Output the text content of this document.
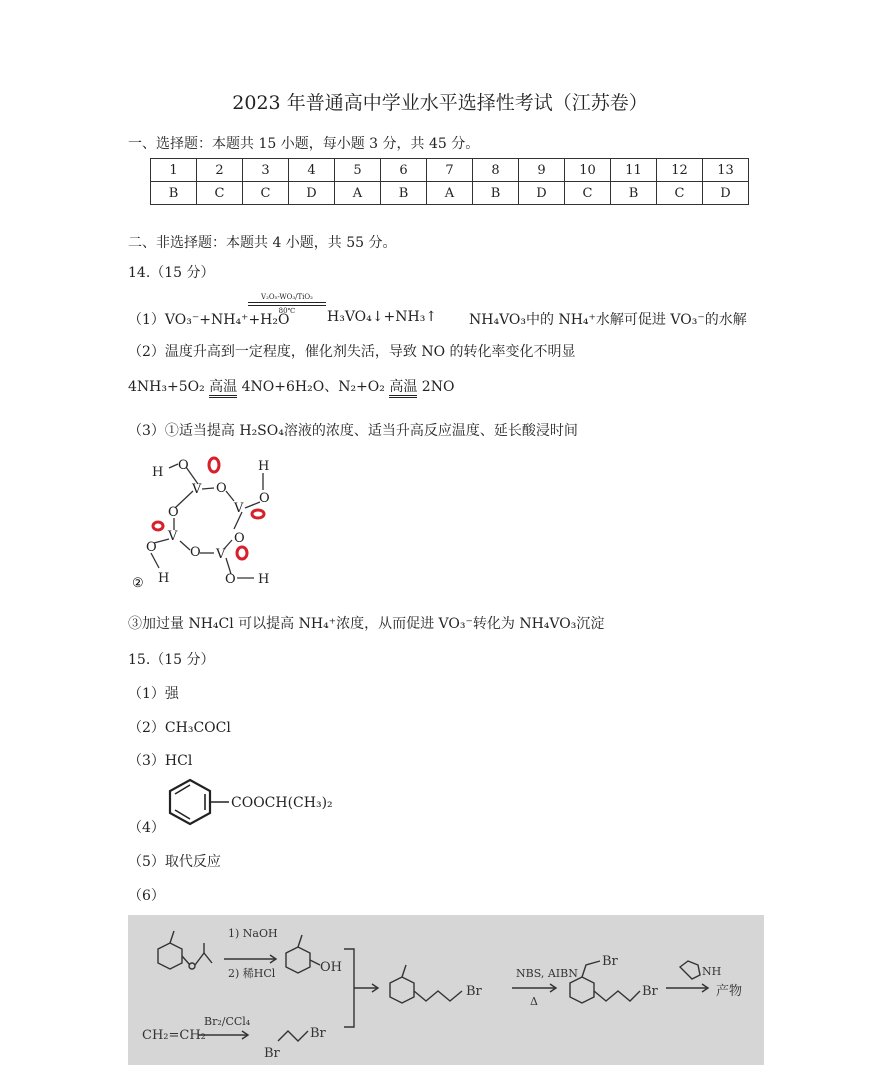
2023 年普通高中学业水平选择性考试（江苏卷）
一、选择题：本题共 15 小题，每小题 3 分，共 45 分。
1	2	3	4	5	6	7	8	9	10	11	12	13
B	C	C	D	A	B	A	B	D	C	B	C	D
二、非选择题：本题共 4 小题，共 55 分。
14.（15 分）
V₂O₅-WO₃/TiO₂
80℃
（1）VO₃⁻+NH₄⁺+H₂O	H₃VO₄↓+NH₃↑ NH₄VO₃中的 NH₄⁺水解可促进 VO₃⁻的水解
（2）温度升高到一定程度，催化剂失活，导致 NO 的转化率变化不明显
4NH₃+5O₂ 高温 4NO+6H₂O、N₂+O₂ 高温 2NO
（3）①适当提高 H₂SO₄溶液的浓度、适当升高反应温度、延长酸浸时间
H O
V O
V
O
V
O
V
O
H
O
O
H	O H
②
③加过量 NH₄Cl 可以提高 NH₄⁺浓度，从而促进 VO₃⁻转化为 NH₄VO₃沉淀
15.（15 分）
（1）强
（2）CH₃COCl
（3）HCl
（4）
COOCH(CH₃)₂
（5）取代反应
（6）
1) NaOH
2) 稀HCl	OH
CH₂=CH₂
Br₂/CCl₄
Br
Br
Br
NBS, AIBN
Δ
Br
Br
NH
产物
